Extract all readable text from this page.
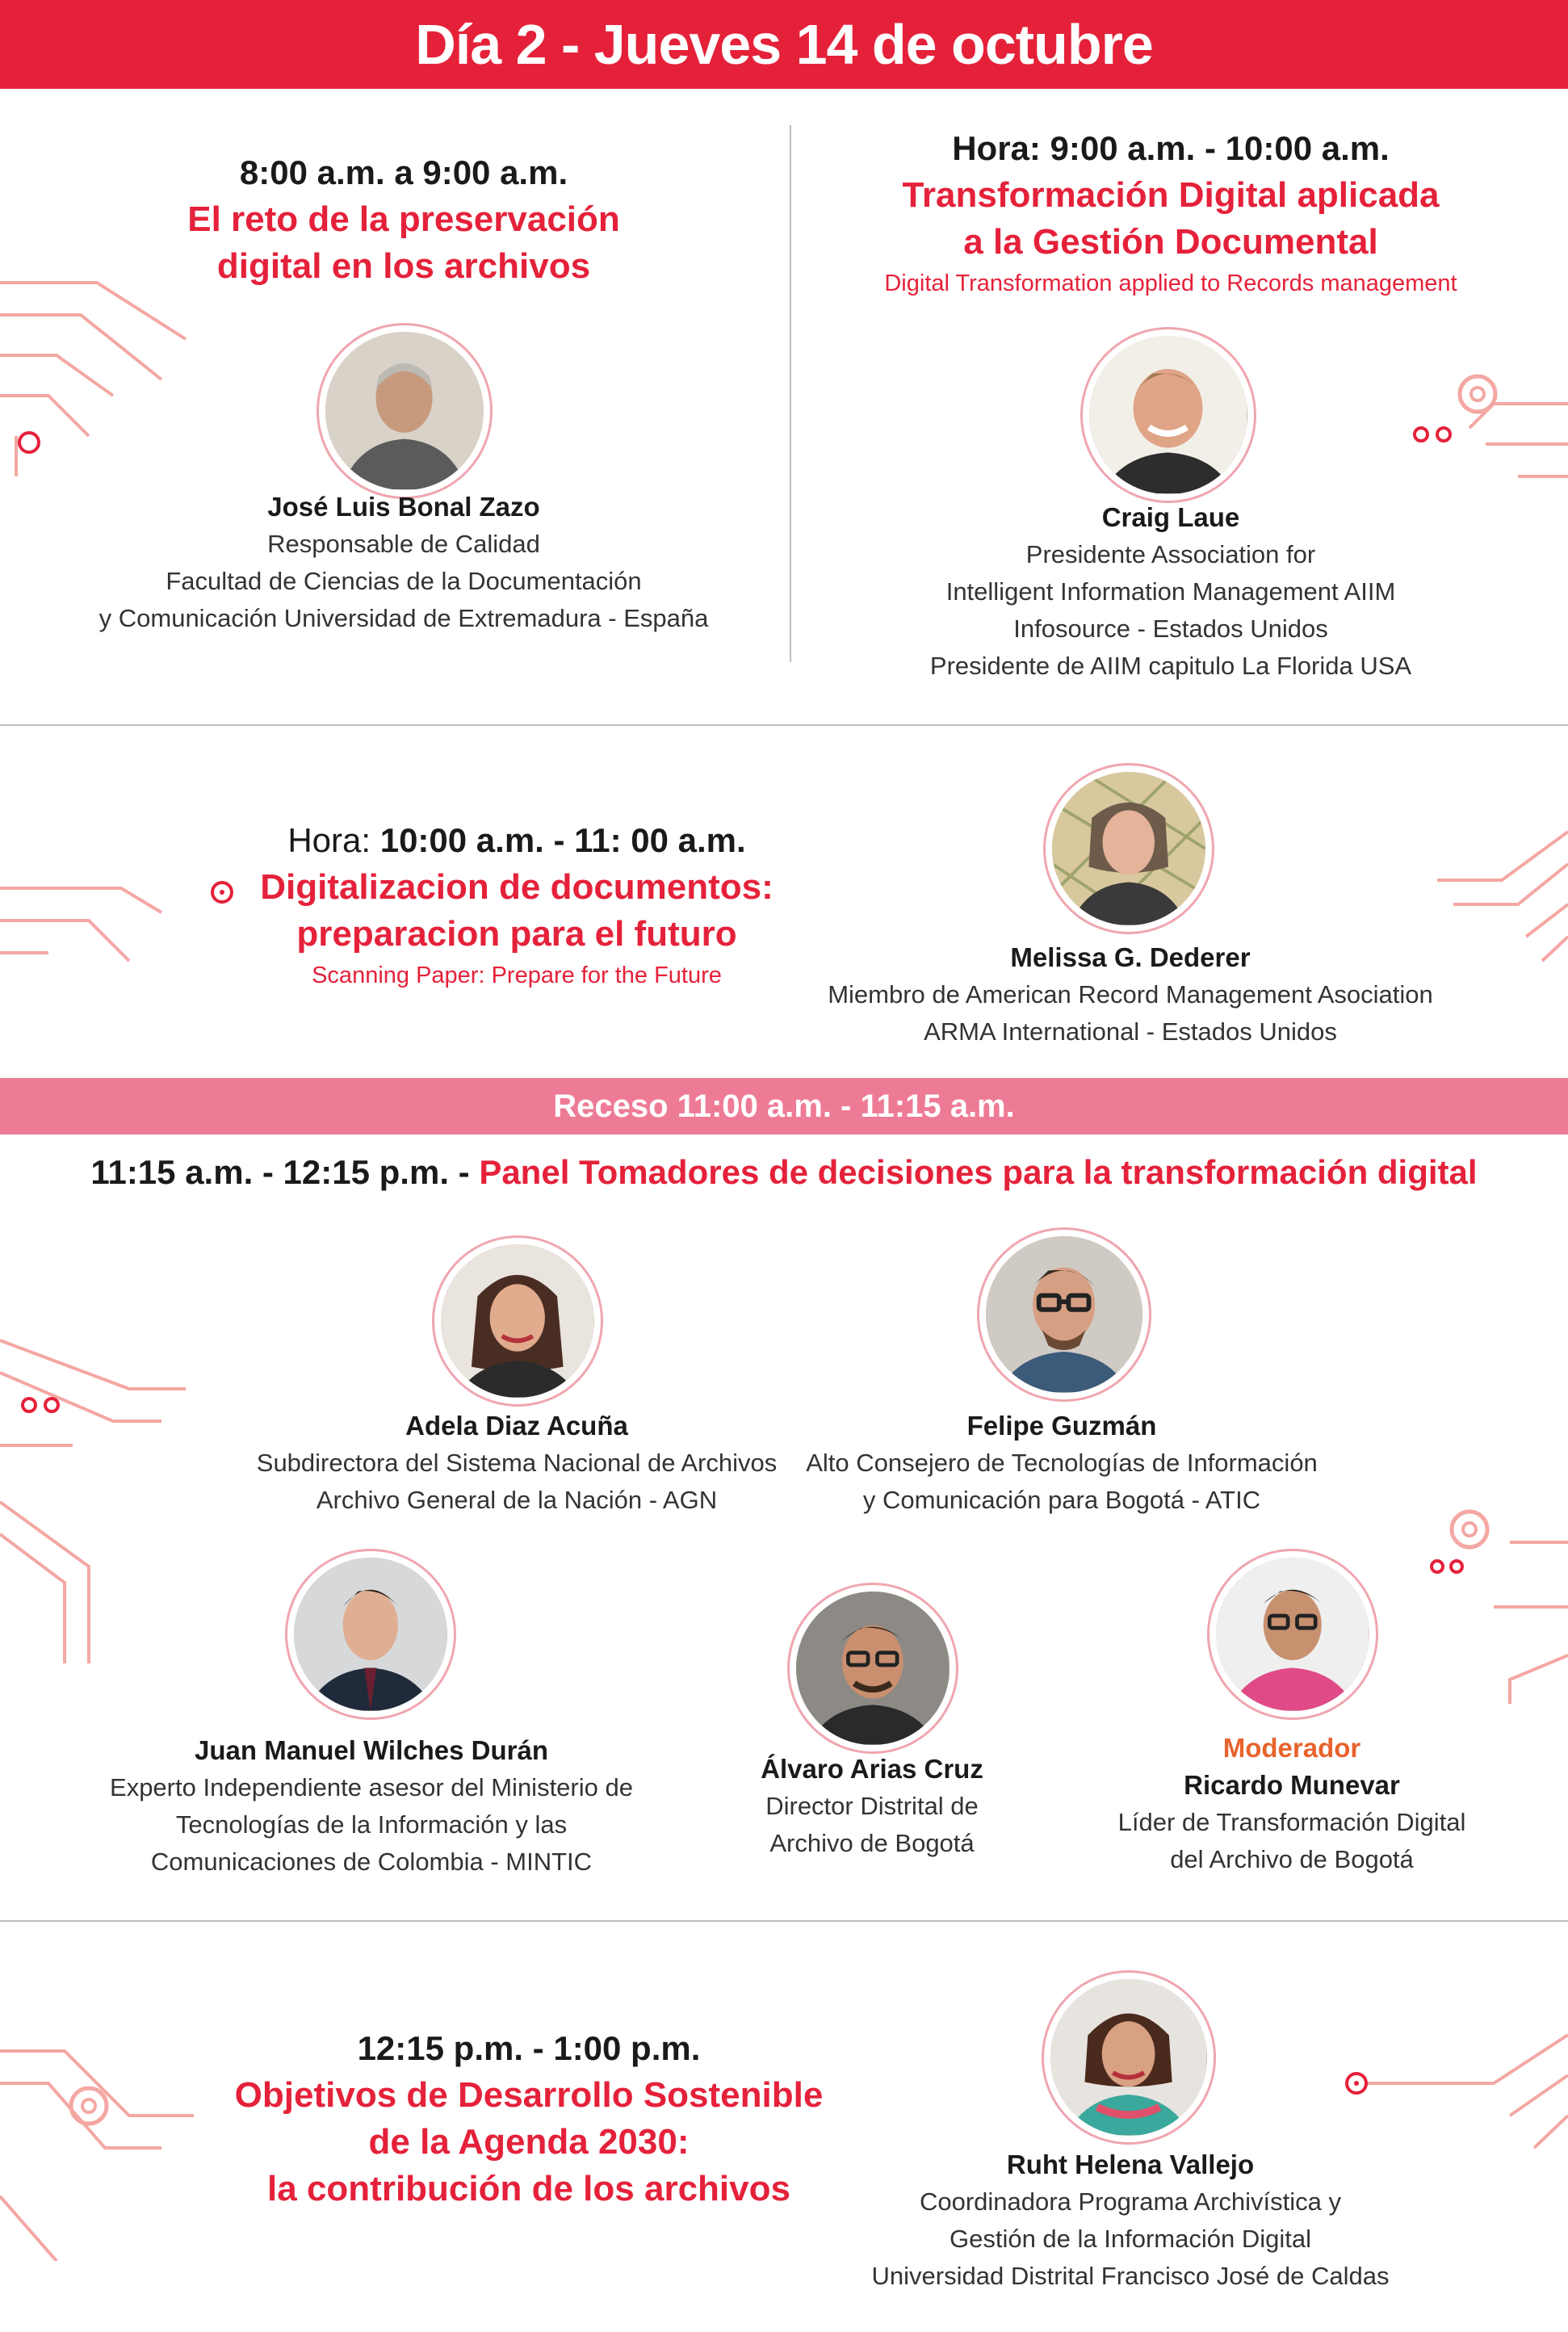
Día 2 - Jueves 14 de octubre
8:00 a.m. a 9:00 a.m.
El reto de la preservación
digital en los archivos
José Luis Bonal Zazo
Responsable de Calidad
Facultad de Ciencias de la Documentación
y Comunicación Universidad de Extremadura - España
Hora: 9:00 a.m. - 10:00 a.m.
Transformación Digital aplicada
a la Gestión Documental
Digital Transformation applied to Records management
Craig Laue
Presidente Association for
Intelligent Information Management AIIM
Infosource - Estados Unidos
Presidente de AIIM capitulo La Florida USA
Hora: 10:00 a.m. - 11: 00 a.m.
Digitalizacion de documentos:
preparacion para el futuro
Scanning Paper: Prepare for the Future
Melissa G. Dederer
Miembro de American Record Management Asociation
ARMA International - Estados Unidos
Receso 11:00 a.m. - 11:15 a.m.
11:15 a.m. - 12:15 p.m. - Panel Tomadores de decisiones para la transformación digital
Adela Diaz Acuña
Subdirectora del Sistema Nacional de Archivos
Archivo General de la Nación - AGN
Felipe Guzmán
Alto Consejero de Tecnologías de Información
y Comunicación para Bogotá - ATIC
Juan Manuel Wilches Durán
Experto Independiente asesor del Ministerio de
Tecnologías de la Información y las
Comunicaciones de Colombia - MINTIC
Álvaro Arias Cruz
Director Distrital de
Archivo de Bogotá
Moderador
Ricardo Munevar
Líder de Transformación Digital
del Archivo de Bogotá
12:15 p.m. - 1:00 p.m.
Objetivos de Desarrollo Sostenible
de la Agenda 2030:
la contribución de los archivos
Ruht Helena Vallejo
Coordinadora Programa Archivística y
Gestión de la Información Digital
Universidad Distrital Francisco José de Caldas
